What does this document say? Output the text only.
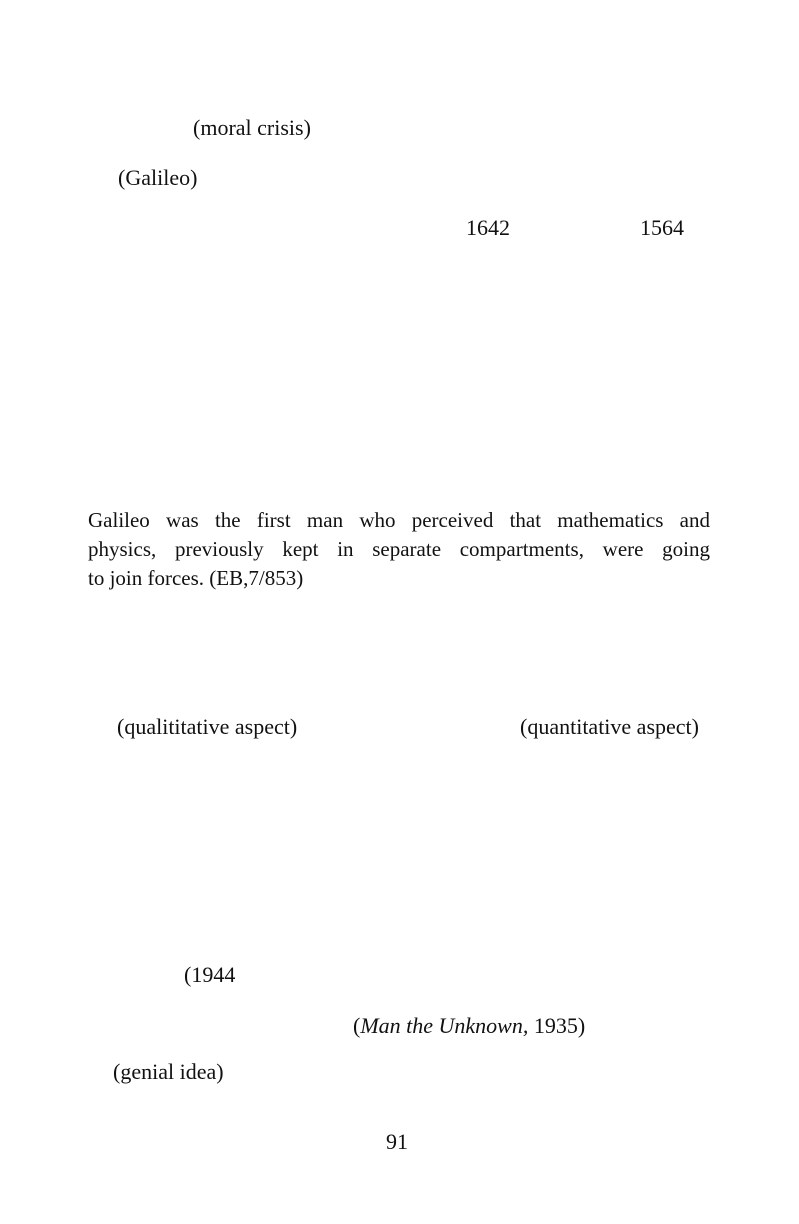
(moral crisis)
(Galileo)
1642	1564
Galileo was the first man who perceived that mathematics and
physics, previously kept in separate compartments, were going
to join forces. (EB,7/853)
(qualititative aspect)	(quantitative aspect)
(1944
(Man the Unknown, 1935)
(genial idea)
91
